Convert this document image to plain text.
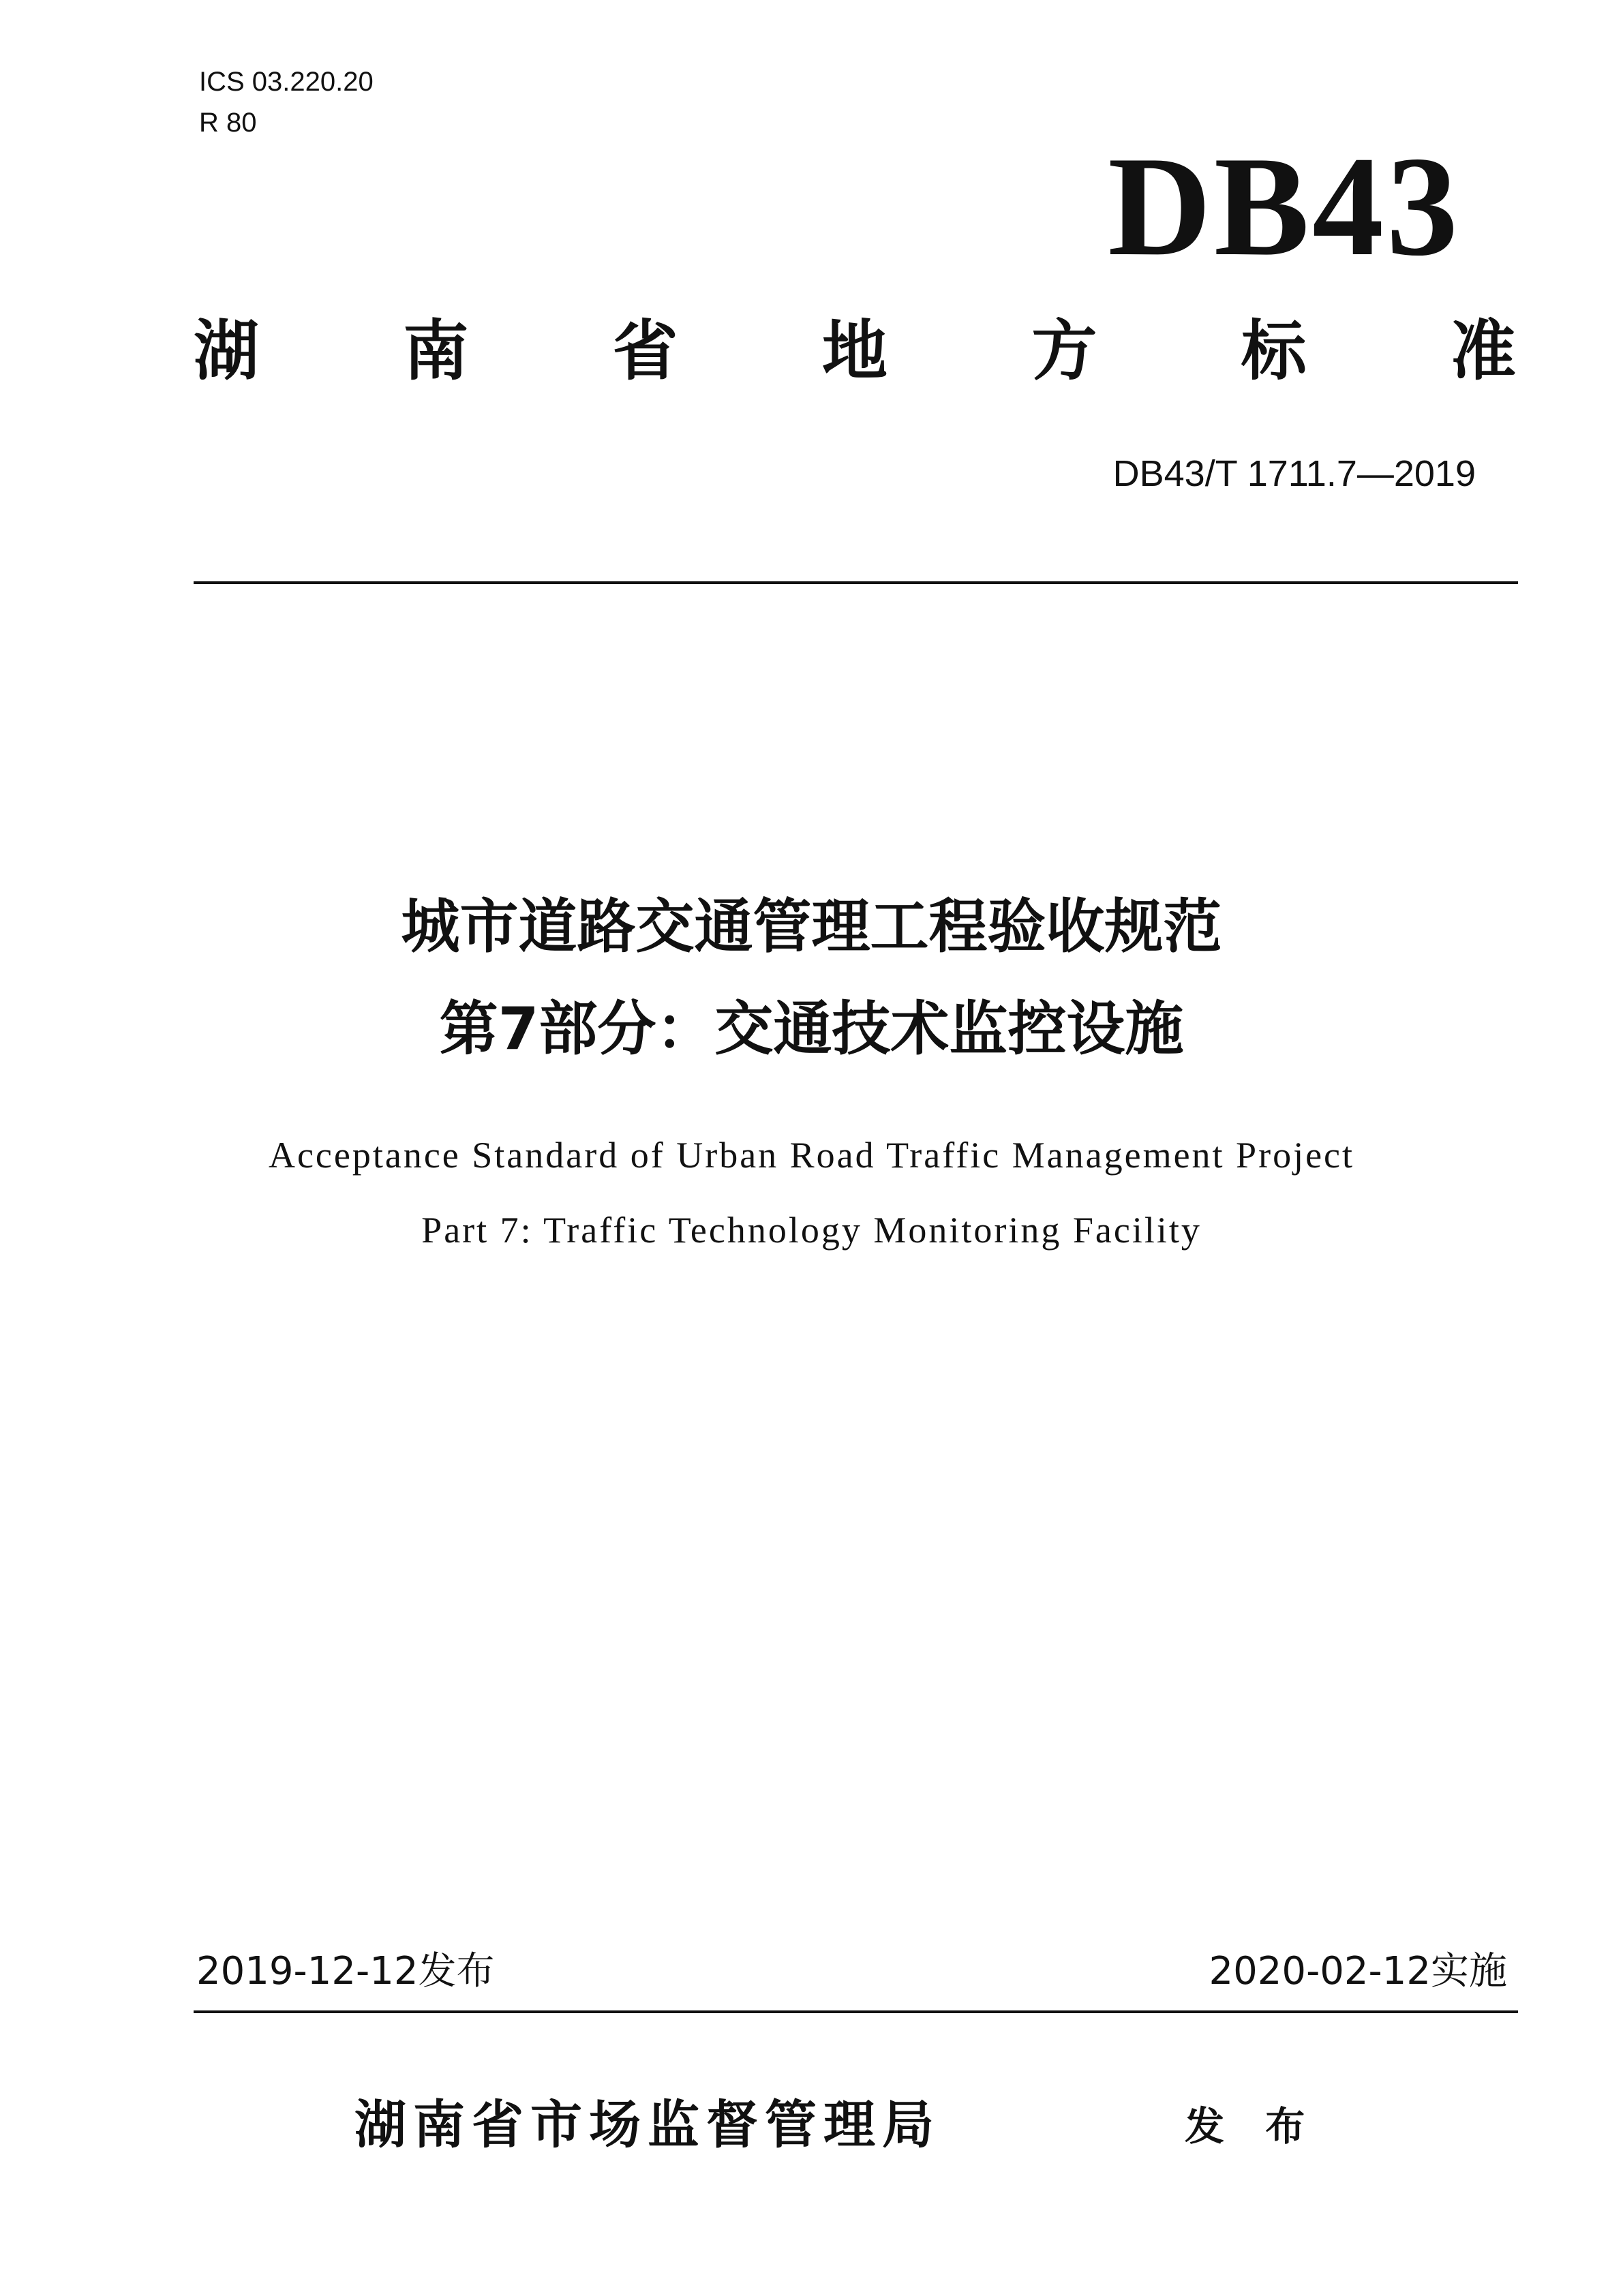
ICS 03.220.20
R 80
DB43
湖 南 省 地 方 标 准
DB43/T 1711.7—2019
城市道路交通管理工程验收规范
第7部分：交通技术监控设施
Acceptance Standard of Urban Road Traffic Management Project
Part 7: Traffic Technology Monitoring Facility
2019-12-12发布	2020-02-12实施
湖南省市场监督管理局	发 布
